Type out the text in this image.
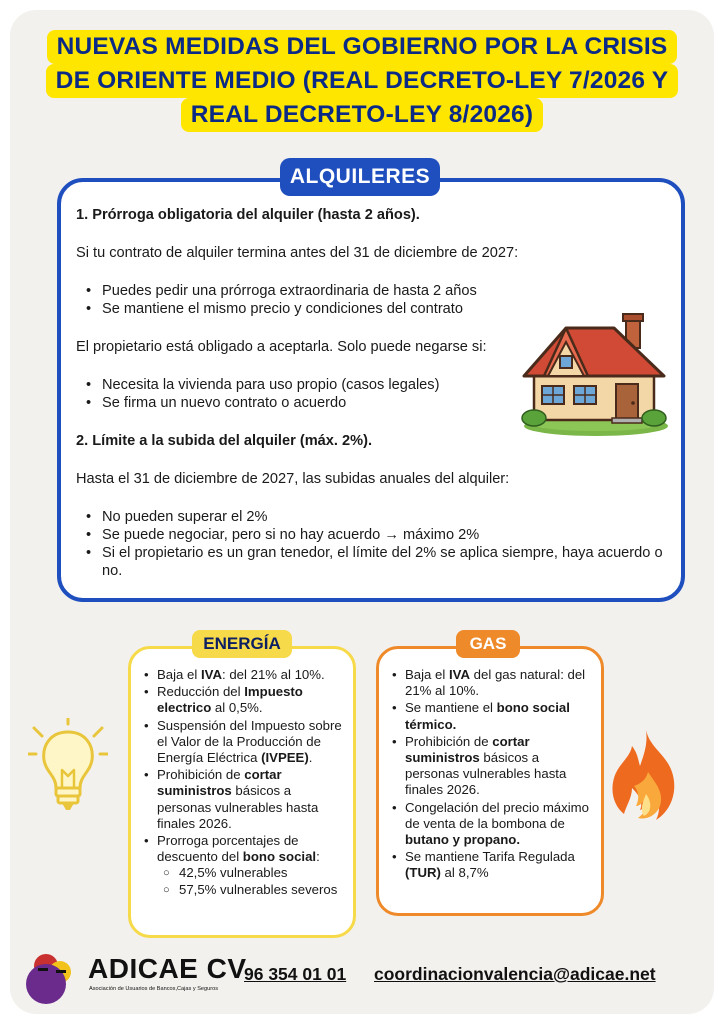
NUEVAS MEDIDAS DEL GOBIERNO POR LA CRISIS
DE ORIENTE MEDIO (REAL DECRETO-LEY 7/2026 Y
REAL DECRETO-LEY 8/2026)
ALQUILERES

1. Prórroga obligatoria del alquiler (hasta 2 años).

Si tu contrato de alquiler termina antes del 31 de diciembre de 2027:

• Puedes pedir una prórroga extraordinaria de hasta 2 años
• Se mantiene el mismo precio y condiciones del contrato

El propietario está obligado a aceptarla. Solo puede negarse si:

• Necesita la vivienda para uso propio (casos legales)
• Se firma un nuevo contrato o acuerdo

2. Límite a la subida del alquiler (máx. 2%).

Hasta el 31 de diciembre de 2027, las subidas anuales del alquiler:

• No pueden superar el 2%
• Se puede negociar, pero si no hay acuerdo → máximo 2%
• Si el propietario es un gran tenedor, el límite del 2% se aplica siempre, haya acuerdo o no.
• Baja el IVA: del 21% al 10%.
• Reducción del Impuesto electrico al 0,5%.
• Suspensión del Impuesto sobre el Valor de la Producción de Energía Eléctrica (IVPEE).
• Prohibición de cortar suministros básicos a personas vulnerables hasta finales 2026.
• Prorroga porcentajes de descuento del bono social:
○ 42,5% vulnerables
○ 57,5% vulnerables severos
ENERGÍA
• Baja el IVA del gas natural: del 21% al 10%.
• Se mantiene el bono social térmico.
• Prohibición de cortar suministros básicos a personas vulnerables hasta finales 2026.
• Congelación del precio máximo de venta de la bombona de butano y propano.
• Se mantiene Tarifa Regulada (TUR) al 8,7%
GAS
ADICAE CV
Asociación de Usuarios de Bancos,Cajas y Seguros
96 354 01 01 coordinacionvalencia@adicae.net
